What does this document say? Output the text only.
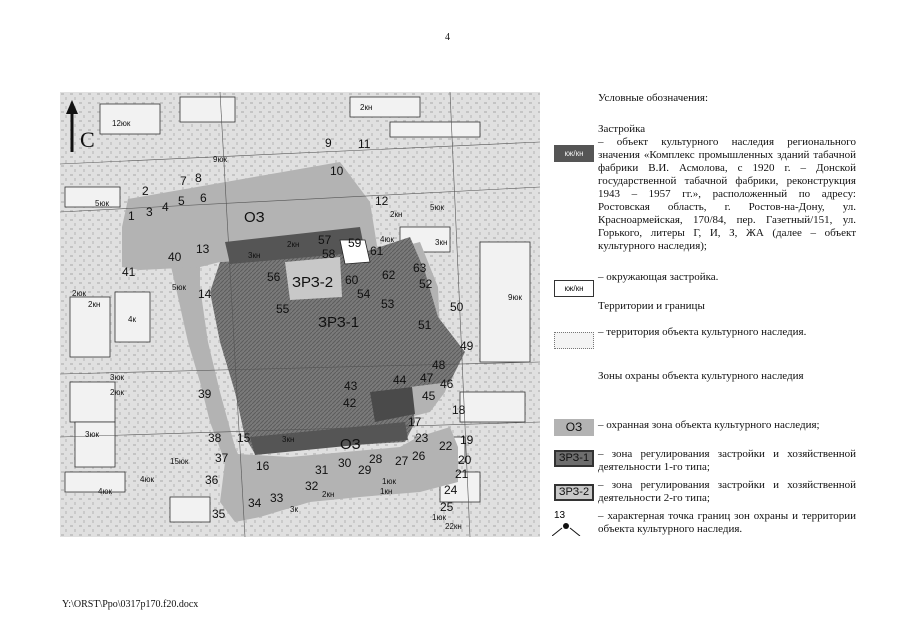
4
С
ОЗ
ОЗ
ЗРЗ-1
ЗРЗ-2
1
2
3 4 5 6
7 8
9
10
11
12
13
14
15
16
17
18
19
20
21
22
23
24
25
26
27
28
29
30
31
32
33
34
35
36
37
38
39
40
41
42
43	44
45
46
47
48
49
50
51
52
53
54
55
56
57
58
59
60
61
62 63
12юк
9юк
5юк
2кн
2кн
3кн
2кн
3кн
5юк
4юк
2кн
4к
9юк
5юк
2юк
3юк
3юк
2юк
3кн
15юк
4юк
4юк
2кн
3к
22кн
1кн
1юк
1юк
Условные обозначения:
Застройка
кж/кн
– объект культурного наследия регионального значения «Комплекс промышленных зданий табачной фабрики В.И. Асмолова, с 1920 г. – Донской государственной табачной фабрики, реконструкция 1943 – 1957 гг.», расположенный по адресу: Ростовская область, г. Ростов-на-Дону, ул. Красноармейская, 170/84, пер. Газетный/151, ул. Горького, литеры Г, И, З, ЖА (далее – объект культурного наследия);
кж/кн
– окружающая застройка.
Территории и границы
– территория объекта культурного наследия.
Зоны охраны объекта культурного наследия
ОЗ	– охранная зона объекта культурного наследия;
ЗРЗ-1 – зона регулирования застройки и хозяйственной деятельности 1-го типа;
ЗРЗ-2
– зона регулирования застройки и хозяйственной деятельности 2-го типа;
13	– характерная точка границ зон охраны и территории объекта культурного наследия.
Y:\ORST\Ppo\0317p170.f20.docx
